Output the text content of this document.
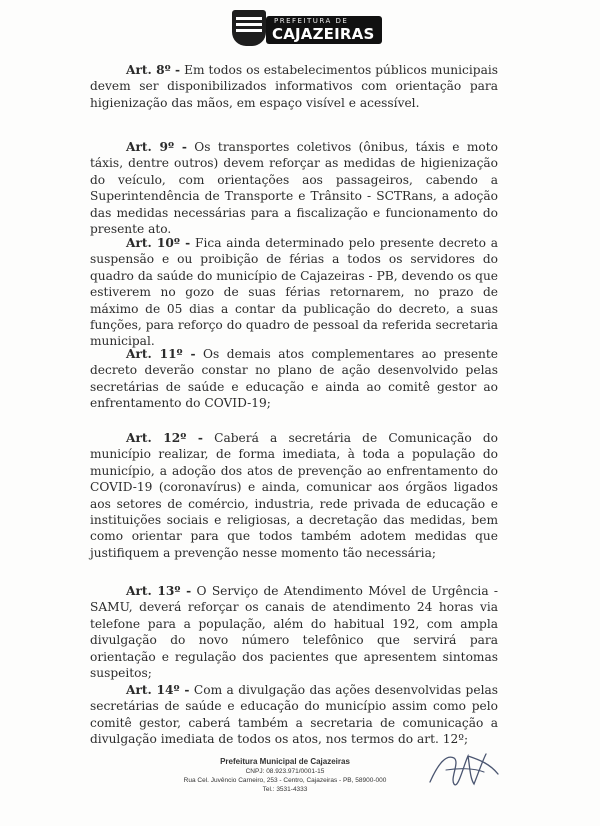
PREFEITURA DE
CAJAZEIRAS

Art. 8º - Em todos os estabelecimentos públicos municipais devem ser disponibilizados informativos com orientação para higienização das mãos, em espaço visível e acessível.

Art. 9º - Os transportes coletivos (ônibus, táxis e moto táxis, dentre outros) devem reforçar as medidas de higienização do veículo, com orientações aos passageiros, cabendo a Superintendência de Transporte e Trânsito - SCTRans, a adoção das medidas necessárias para a fiscalização e funcionamento do presente ato.

Art. 10º - Fica ainda determinado pelo presente decreto a suspensão e ou proibição de férias a todos os servidores do quadro da saúde do município de Cajazeiras - PB, devendo os que estiverem no gozo de suas férias retornarem, no prazo de máximo de 05 dias a contar da publicação do decreto, a suas funções, para reforço do quadro de pessoal da referida secretaria municipal.

Art. 11º - Os demais atos complementares ao presente decreto deverão constar no plano de ação desenvolvido pelas secretárias de saúde e educação e ainda ao comitê gestor ao enfrentamento do COVID-19;

Art. 12º - Caberá a secretária de Comunicação do município realizar, de forma imediata, à toda a população do município, a adoção dos atos de prevenção ao enfrentamento do COVID-19 (coronavírus) e ainda, comunicar aos órgãos ligados aos setores de comércio, industria, rede privada de educação e instituições sociais e religiosas, a decretação das medidas, bem como orientar para que todos também adotem medidas que justifiquem a prevenção nesse momento tão necessária;

Art. 13º - O Serviço de Atendimento Móvel de Urgência - SAMU, deverá reforçar os canais de atendimento 24 horas via telefone para a população, além do habitual 192, com ampla divulgação do novo número telefônico que servirá para orientação e regulação dos pacientes que apresentem sintomas suspeitos;

Art. 14º - Com a divulgação das ações desenvolvidas pelas secretárias de saúde e educação do município assim como pelo comitê gestor, caberá também a secretaria de comunicação a divulgação imediata de todos os atos, nos termos do art. 12º;

Prefeitura Municipal de Cajazeiras
CNPJ: 08.923.971/0001-15
Rua Cel. Juvêncio Carneiro, 253 - Centro, Cajazeiras - PB, 58900-000
Tel.: 3531-4333
